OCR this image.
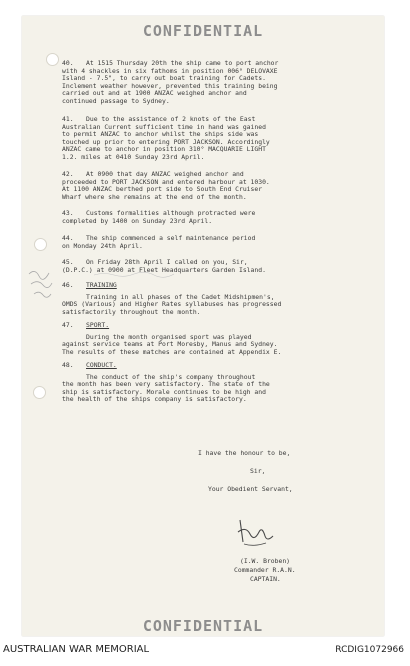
CONFIDENTIAL
40. At 1515 Thursday 20th the ship came to port anchor
with 4 shackles in six fathoms in position 006° DELOVAXE
Island - 7.5", to carry out boat training for Cadets.
Inclement weather however, prevented this training being
carried out and at 1900 ANZAC weighed anchor and
continued passage to Sydney.
41. Due to the assistance of 2 knots of the East
Australian Current sufficient time in hand was gained
to permit ANZAC to anchor whilst the ships side was
touched up prior to entering PORT JACKSON. Accordingly
ANZAC came to anchor in position 310° MACQUARIE LIGHT
1.2. miles at 0410 Sunday 23rd April.
42. At 0900 that day ANZAC weighed anchor and
proceeded to PORT JACKSON and entered harbour at 1030.
At 1100 ANZAC berthed port side to South End Cruiser
Wharf where she remains at the end of the month.
43. Customs formalities although protracted were
completed by 1400 on Sunday 23rd April.
44. The ship commenced a self maintenance period
on Monday 24th April.
45. On Friday 28th April I called on you, Sir,
(D.P.C.) at 0900 at Fleet Headquarters Garden Island.
46. TRAINING
Training in all phases of the Cadet Midshipmen's,
OMDS (Various) and Higher Rates syllabuses has progressed
satisfactorily throughout the month.
47. SPORT.
During the month organised sport was played
against service teams at Port Moresby, Manus and Sydney.
The results of these matches are contained at Appendix E.
48. CONDUCT.
The conduct of the ship's company throughout
the month has been very satisfactory. The state of the
ship is satisfactory. Morale continues to be high and
the health of the ships company is satisfactory.
I have the honour to be,
Sir,
Your Obedient Servant,
(I.W. Broben)
Commander R.A.N.
CAPTAIN.
CONFIDENTIAL
AUSTRALIAN WAR MEMORIAL	RCDIG1072966
